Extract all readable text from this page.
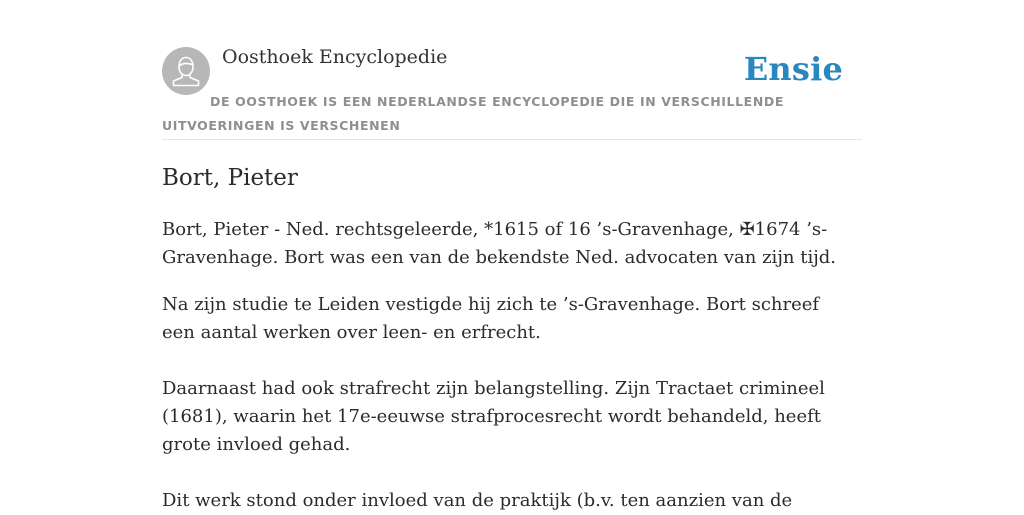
Oosthoek Encyclopedie	Ensie
DE OOSTHOEK IS EEN NEDERLANDSE ENCYCLOPEDIE DIE IN VERSCHILLENDE UITVOERINGEN IS VERSCHENEN
Bort, Pieter

Bort, Pieter - Ned. rechtsgeleerde, *1615 of 16 ’s-Gravenhage, ✠1674 ’s-Gravenhage. Bort was een van de bekendste Ned. advocaten van zijn tijd.

Na zijn studie te Leiden vestigde hij zich te ’s-Gravenhage. Bort schreef een aantal werken over leen- en erfrecht.

Daarnaast had ook strafrecht zijn belangstelling. Zijn Tractaet crimineel (1681), waarin het 17e-eeuwse strafprocesrecht wordt behandeld, heeft grote invloed gehad.

Dit werk stond onder invloed van de praktijk (b.v. ten aanzien van de
